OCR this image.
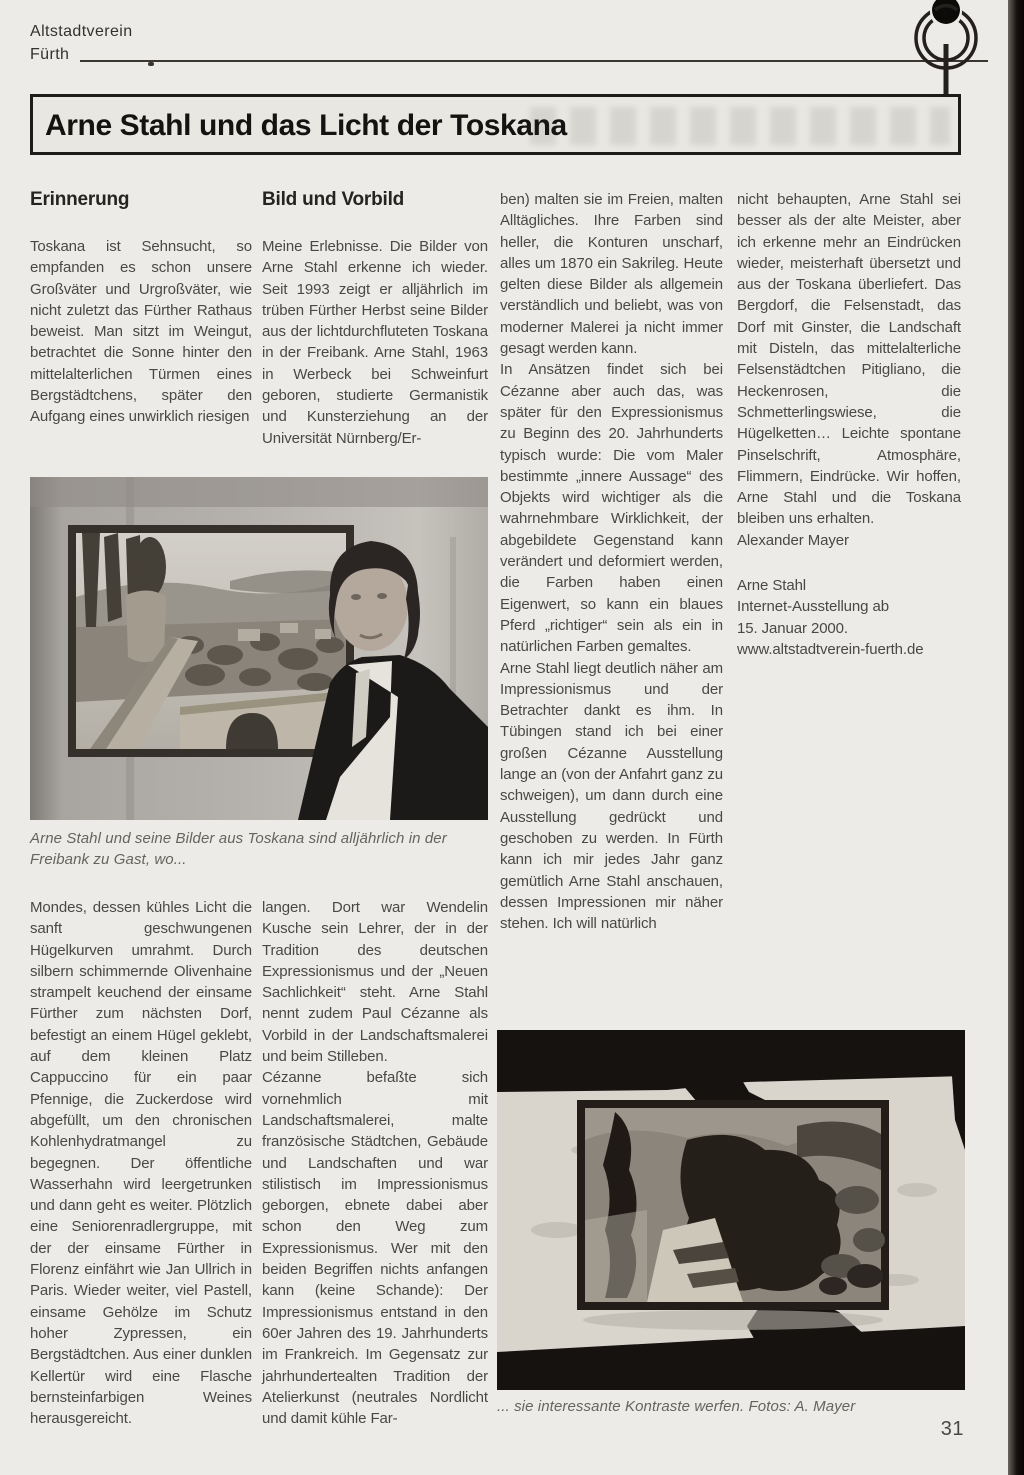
Altstadtverein
Fürth
Arne Stahl und das Licht der Toskana
Erinnerung

Toskana ist Sehnsucht, so empfanden es schon unsere Großväter und Urgroßväter, wie nicht zuletzt das Fürther Rathaus beweist. Man sitzt im Weingut, betrachtet die Sonne hinter den mittelalterlichen Türmen eines Bergstädtchens, später den Aufgang eines unwirklich riesigen

Bild und Vorbild

Meine Erlebnisse. Die Bilder von Arne Stahl erkenne ich wieder. Seit 1993 zeigt er alljährlich im trüben Fürther Herbst seine Bilder aus der lichtdurchfluteten Toskana in der Freibank. Arne Stahl, 1963 in Werbeck bei Schweinfurt geboren, studierte Germanistik und Kunsterziehung an der Universität Nürnberg/Er-

ben) malten sie im Freien, malten Alltägliches. Ihre Farben sind heller, die Konturen unscharf, alles um 1870 ein Sakrileg. Heute gelten diese Bilder als allgemein verständlich und beliebt, was von moderner Malerei ja nicht immer gesagt werden kann.

In Ansätzen findet sich bei Cézanne aber auch das, was später für den Expressionismus zu Beginn des 20. Jahrhunderts typisch wurde: Die vom Maler bestimmte „innere Aussage“ des Objekts wird wichtiger als die wahrnehmbare Wirklichkeit, der abgebildete Gegenstand kann verändert und deformiert werden, die Farben haben einen Eigenwert, so kann ein blaues Pferd „richtiger“ sein als ein in natürlichen Farben gemaltes.

Arne Stahl liegt deutlich näher am Impressionismus und der Betrachter dankt es ihm. In Tübingen stand ich bei einer großen Cézanne Ausstellung lange an (von der Anfahrt ganz zu schweigen), um dann durch eine Ausstellung gedrückt und geschoben zu werden. In Fürth kann ich mir jedes Jahr ganz gemütlich Arne Stahl anschauen, dessen Impressionen mir näher stehen. Ich will natürlich

nicht behaupten, Arne Stahl sei besser als der alte Meister, aber ich erkenne mehr an Eindrücken wieder, meisterhaft übersetzt und aus der Toskana überliefert. Das Bergdorf, die Felsenstadt, das Dorf mit Ginster, die Landschaft mit Disteln, das mittelalterliche Felsenstädtchen Pitigliano, die Heckenrosen, die Schmetterlingswiese, die Hügelketten… Leichte spontane Pinselschrift, Atmosphäre, Flimmern, Eindrücke. Wir hoffen, Arne Stahl und die Toskana bleiben uns erhalten.

Alexander Mayer

Arne Stahl
Internet-Ausstellung ab
15. Januar 2000.
www.altstadtverein-fuerth.de
Arne Stahl und seine Bilder aus Toskana sind alljährlich in der Freibank zu Gast, wo...

Mondes, dessen kühles Licht die sanft geschwungenen Hügelkurven umrahmt. Durch silbern schimmernde Olivenhaine strampelt keuchend der einsame Fürther zum nächsten Dorf, befestigt an einem Hügel geklebt, auf dem kleinen Platz Cappuccino für ein paar Pfennige, die Zuckerdose wird abgefüllt, um den chronischen Kohlenhydratmangel zu begegnen. Der öffentliche Wasserhahn wird leergetrunken und dann geht es weiter. Plötzlich eine Seniorenradlergruppe, mit der der einsame Fürther in Florenz einfährt wie Jan Ullrich in Paris. Wieder weiter, viel Pastell, einsame Gehölze im Schutz hoher Zypressen, ein Bergstädtchen. Aus einer dunklen Kellertür wird eine Flasche bernsteinfarbigen Weines herausgereicht.

langen. Dort war Wendelin Kusche sein Lehrer, der in der Tradition des deutschen Expressionismus und der „Neuen Sachlichkeit“ steht. Arne Stahl nennt zudem Paul Cézanne als Vorbild in der Landschaftsmalerei und beim Stilleben.

Cézanne befaßte sich vornehmlich mit Landschaftsmalerei, malte französische Städtchen, Gebäude und Landschaften und war stilistisch im Impressionismus geborgen, ebnete dabei aber schon den Weg zum Expressionismus. Wer mit den beiden Begriffen nichts anfangen kann (keine Schande): Der Impressionismus entstand in den 60er Jahren des 19. Jahrhunderts im Frankreich. Im Gegensatz zur jahrhundertealten Tradition der Atelierkunst (neutrales Nordlicht und damit kühle Far-

... sie interessante Kontraste werfen. Fotos: A. Mayer
31
